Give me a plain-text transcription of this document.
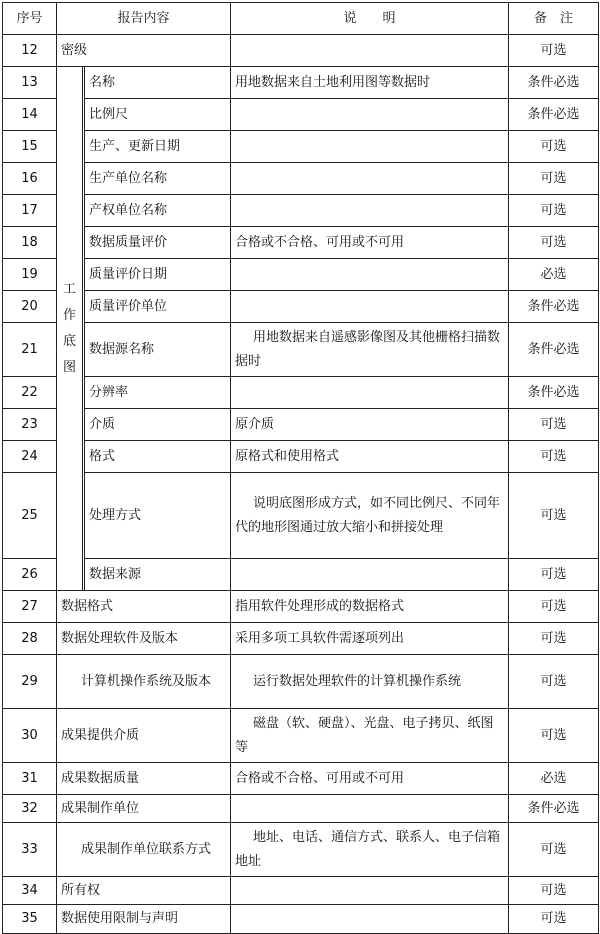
序号	报告内容			说　　明	备　注
12	密级				可选
13	工作底图		名称	用地数据来自土地利用图等数据时	条件必选
14			比例尺		条件必选
15			生产、更新日期		可选
16			生产单位名称		可选
17			产权单位名称		可选
18			数据质量评价	合格或不合格、可用或不可用	可选
19			质量评价日期		必选
20			质量评价单位		条件必选
21			数据源名称	用地数据来自遥感影像图及其他栅格扫描数据时	条件必选
22			分辨率		条件必选
23			介质	原介质	可选
24			格式	原格式和使用格式	可选
25			处理方式	说明底图形成方式，如不同比例尺、不同年代的地形图通过放大缩小和拼接处理	可选
26			数据来源		可选
27	数据格式			指用软件处理形成的数据格式	可选
28	数据处理软件及版本			采用多项工具软件需逐项列出	可选
29	计算机操作系统及版本			运行数据处理软件的计算机操作系统	可选
30	成果提供介质			磁盘（软、硬盘）、光盘、电子拷贝、纸图等	可选
31	成果数据质量			合格或不合格、可用或不可用	必选
32	成果制作单位				条件必选
33	成果制作单位联系方式			地址、电话、通信方式、联系人、电子信箱地址	可选
34	所有权				可选
35	数据使用限制与声明				可选
